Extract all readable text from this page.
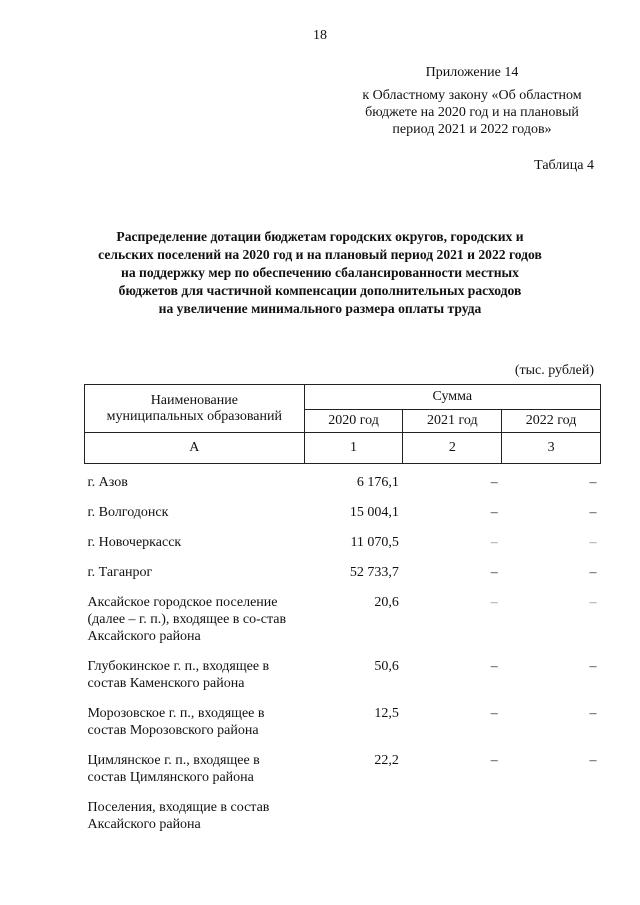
18
Приложение 14
к Областному закону «Об областном
бюджете на 2020 год и на плановый
период 2021 и 2022 годов»
Таблица 4
Распределение дотации бюджетам городских округов, городских и
сельских поселений на 2020 год и на плановый период 2021 и 2022 годов
на поддержку мер по обеспечению сбалансированности местных
бюджетов для частичной компенсации дополнительных расходов
на увеличение минимального размера оплаты труда
(тыс. рублей)
Наименование
муниципальных образований	Сумма		
	2020 год	2021 год	2022 год
А	1	2	3

г. Азов	6 176,1	–	–
г. Волгодонск	15 004,1	–	–
г. Новочеркасск	11 070,5	–	–
г. Таганрог	52 733,7	–	–
Аксайское городское поселение (далее – г. п.), входящее в со-став Аксайского района	20,6	–	–
Глубокинское г. п., входящее в состав Каменского района	50,6	–	–
Морозовское г. п., входящее в состав Морозовского района	12,5	–	–
Цимлянское г. п., входящее в состав Цимлянского района	22,2	–	–
Поселения, входящие в состав Аксайского района			
